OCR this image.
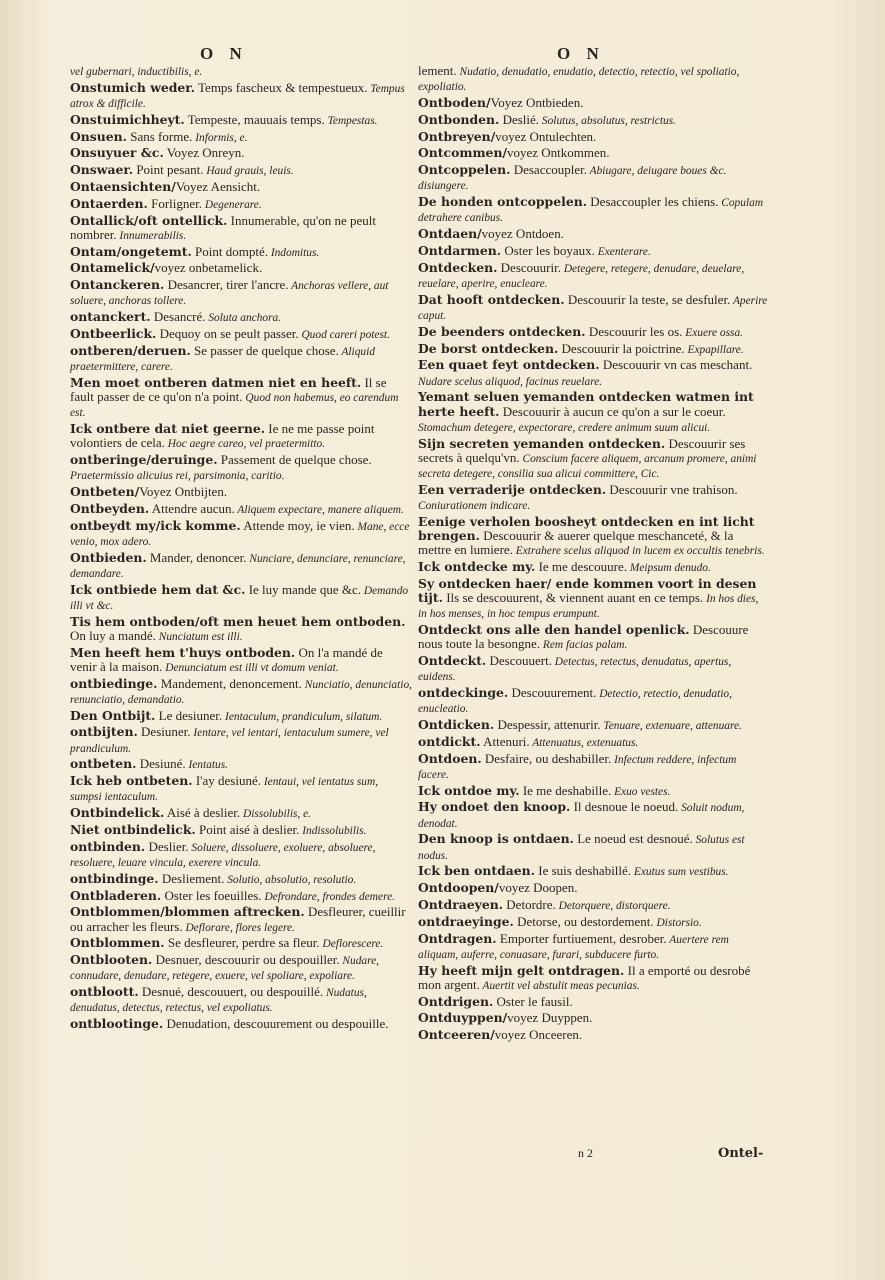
O N	O N
vel gubernari, inductibilis, e.
Onstumich weder. Temps fascheux & tempestueux. Tempus atrox & difficile.
Onstuimichheyt. Tempeste, mauuais temps. Tempestas.
Onsuen. Sans forme. Informis, e.
Onsuyuer &c. Voyez Onreyn.
Onswaer. Point pesant. Haud grauis, leuis.
Ontaensichten/Voyez Aensicht.
Ontaerden. Forligner. Degenerare.
Ontallick/oft ontellick. Innumerable, qu'on ne peult nombrer. Innumerabilis.
Ontam/ongetemt. Point dompté. Indomitus.
Ontamelick/voyez onbetamelick.
Ontanckeren. Desancrer, tirer l'ancre. Anchoras vellere, aut soluere, anchoras tollere.
ontanckert. Desancré. Soluta anchora.
Ontbeerlick. Dequoy on se peult passer. Quod careri potest.
ontberen/deruen. Se passer de quelque chose. Aliquid praetermittere, carere.
Men moet ontberen datmen niet en heeft. Il se fault passer de ce qu'on n'a point. Quod non habemus, eo carendum est.
Ick ontbere dat niet geerne. Ie ne me passe point volontiers de cela. Hoc aegre careo, vel praetermitto.
ontberinge/deruinge. Passement de quelque chose. Praetermissio alicuius rei, parsimonia, caritio.
Ontbeten/Voyez Ontbijten.
Ontbeyden. Attendre aucun. Aliquem expectare, manere aliquem.
ontbeydt my/ick komme. Attende moy, ie vien. Mane, ecce venio, mox adero.
Ontbieden. Mander, denoncer. Nunciare, denunciare, renunciare, demandare.
Ick ontbiede hem dat &c. Ie luy mande que &c. Demando illi vt &c.
Tis hem ontboden/oft men heuet hem ontboden. On luy a mandé. Nunciatum est illi.
Men heeft hem t'huys ontboden. On l'a mandé de venir à la maison. Denunciatum est illi vt domum veniat.
ontbiedinge. Mandement, denoncement. Nunciatio, denunciatio, renunciatio, demandatio.
Den Ontbijt. Le desiuner. Ientaculum, prandiculum, silatum.
ontbijten. Desiuner. Ientare, vel ientari, ientaculum sumere, vel prandiculum.
ontbeten. Desiuné. Ientatus.
Ick heb ontbeten. I'ay desiuné. Ientaui, vel ientatus sum, sumpsi ientaculum.
Ontbindelick. Aisé à deslier. Dissolubilis, e.
Niet ontbindelick. Point aisé à deslier. Indissolubilis.
ontbinden. Deslier. Soluere, dissoluere, exoluere, absoluere, resoluere, leuare vincula, exerere vincula.
ontbindinge. Desliement. Solutio, absolutio, resolutio.
Ontbladeren. Oster les foeuilles. Defrondare, frondes demere.
Ontblommen/blommen aftrecken. Desfleurer, cueillir ou arracher les fleurs. Deflorare, flores legere.
Ontblommen. Se desfleurer, perdre sa fleur. Deflorescere.
Ontblooten. Desnuer, descouurir ou despouiller. Nudare, connudare, denudare, retegere, exuere, vel spoliare, expoliare.
ontbloott. Desnué, descouuert, ou despouillé. Nudatus, denudatus, detectus, retectus, vel expoliatus.
ontblootinge. Denudation, descouurement ou despouille.
lement. Nudatio, denudatio, enudatio, detectio, retectio, vel spoliatio, expoliatio.
Ontboden/Voyez Ontbieden.
Ontbonden. Deslié. Solutus, absolutus, restrictus.
Ontbreyen/voyez Ontulechten.
Ontcommen/voyez Ontkommen.
Ontcoppelen. Desaccoupler. Abiugare, deiugare boues &c. disiungere.
De honden ontcoppelen. Desaccoupler les chiens. Copulam detrahere canibus.
Ontdaen/voyez Ontdoen.
Ontdarmen. Oster les boyaux. Exenterare.
Ontdecken. Descouurir. Detegere, retegere, denudare, deuelare, reuelare, aperire, enucleare.
Dat hooft ontdecken. Descouurir la teste, se desfuler. Aperire caput.
De beenders ontdecken. Descouurir les os. Exuere ossa.
De borst ontdecken. Descouurir la poictrine. Expapillare.
Een quaet feyt ontdecken. Descouurir vn cas meschant. Nudare scelus aliquod, facinus reuelare.
Yemant seluen yemanden ontdecken watmen int herte heeft. Descouurir à aucun ce qu'on a sur le coeur. Stomachum detegere, expectorare, credere animum suum alicui.
Sijn secreten yemanden ontdecken. Descouurir ses secrets à quelqu'vn. Conscium facere aliquem, arcanum promere, animi secreta detegere, consilia sua alicui committere, Cic.
Een verraderije ontdecken. Descouurir vne trahison. Coniurationem indicare.
Eenige verholen boosheyt ontdecken en int licht brengen. Descouurir & auerer quelque meschanceté, & la mettre en lumiere. Extrahere scelus aliquod in lucem ex occultis tenebris.
Ick ontdecke my. Ie me descouure. Meipsum denudo.
Sy ontdecken haer/ ende kommen voort in desen tijt. Ils se descouurent, & viennent auant en ce temps. In hos dies, in hos menses, in hoc tempus erumpunt.
Ontdeckt ons alle den handel openlick. Descouure nous toute la besongne. Rem facias palam.
Ontdeckt. Descouuert. Detectus, retectus, denudatus, apertus, euidens.
ontdeckinge. Descouurement. Detectio, retectio, denudatio, enucleatio.
Ontdicken. Despessir, attenurir. Tenuare, extenuare, attenuare.
ontdickt. Attenuri. Attenuatus, extenuatus.
Ontdoen. Desfaire, ou deshabiller. Infectum reddere, infectum facere.
Ick ontdoe my. Ie me deshabille. Exuo vestes.
Hy ondoet den knoop. Il desnoue le noeud. Soluit nodum, denodat.
Den knoop is ontdaen. Le noeud est desnoué. Solutus est nodus.
Ick ben ontdaen. Ie suis deshabillé. Exutus sum vestibus.
Ontdoopen/voyez Doopen.
Ontdraeyen. Detordre. Detorquere, distorquere.
ontdraeyinge. Detorse, ou destordement. Distorsio.
Ontdragen. Emporter furtiuement, desrober. Auertere rem aliquam, auferre, conuasare, furari, subducere furto.
Hy heeft mijn gelt ontdragen. Il a emporté ou desrobé mon argent. Auertit vel abstulit meas pecunias.
Ontdrigen. Oster le fausil.
Ontduyppen/voyez Duyppen.
Ontceeren/voyez Onceeren.
n 2	Ontel-
